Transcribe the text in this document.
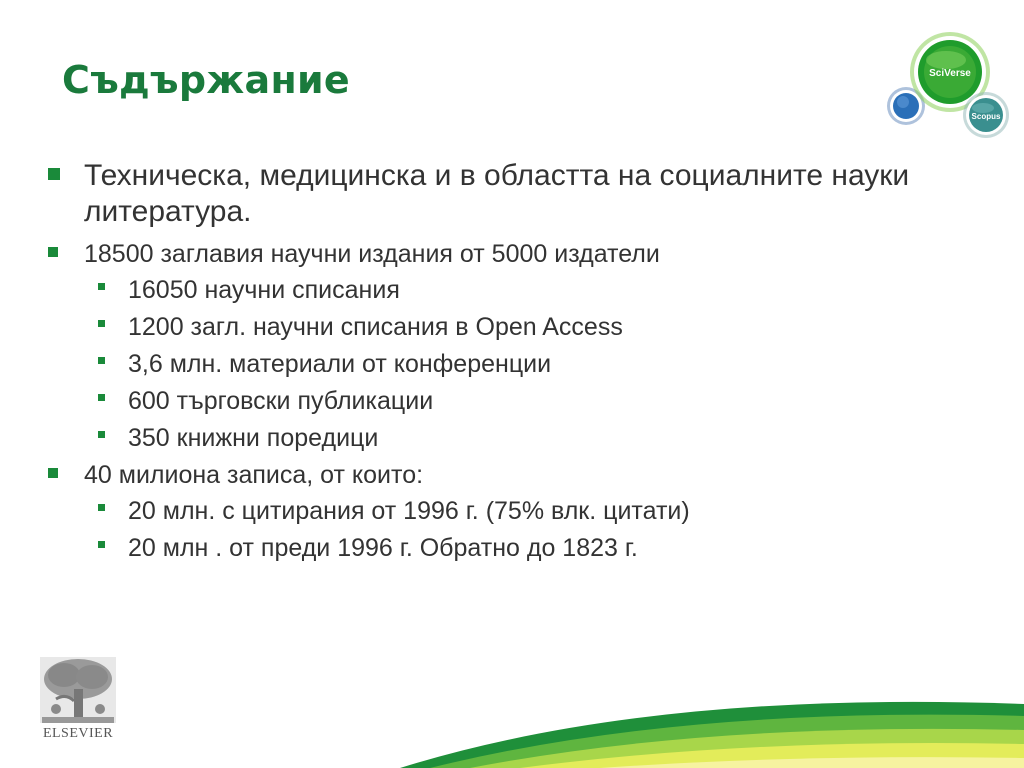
Съдържание	SciVerse
Scopus
Техническа, медицинска и в областта на социалните науки литература.
18500 заглавия научни издания от 5000 издатели
16050 научни списания
1200 загл. научни списания в Open Access
3,6 млн. материали от конференции
600 търговски публикации
350 книжни поредици
40 милиона записа, от които:
20 млн. с цитирания от 1996 г. (75% влк. цитати)
20 млн . от преди 1996 г. Обратно до 1823 г.
ELSEVIER
